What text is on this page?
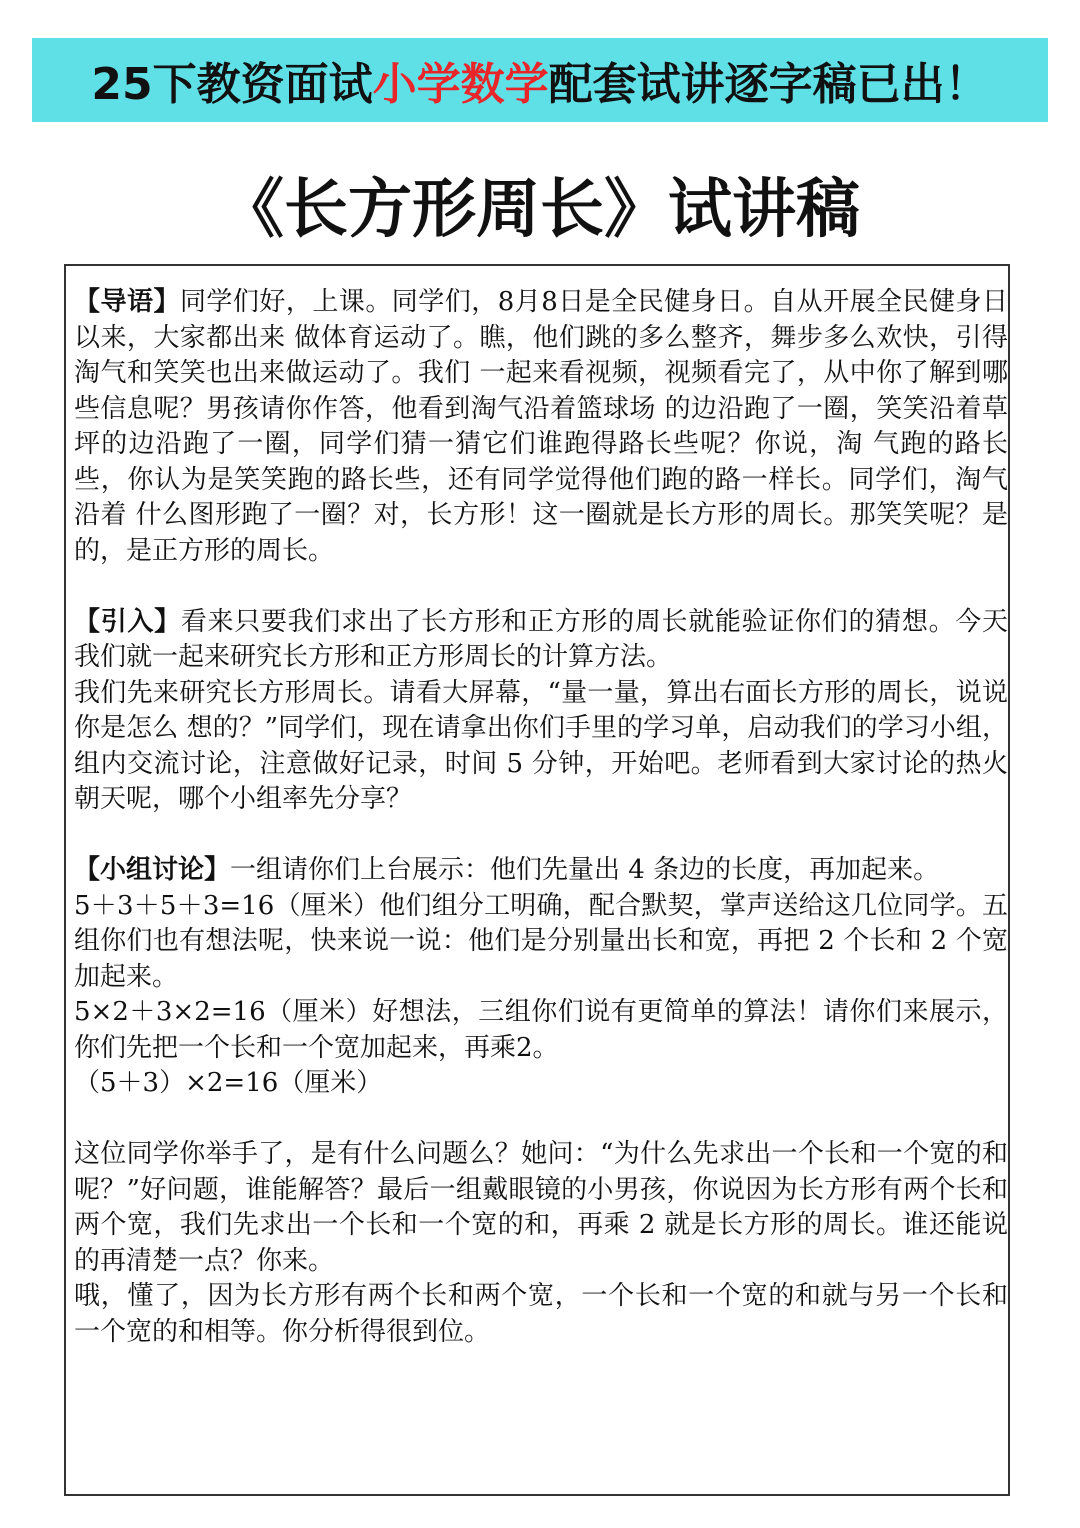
25下教资面试 小学数学 配套试讲逐字稿已出！
《长方形周长》试讲稿

【导语】同学们好，上课。同学们，8月8日是全民健身日。自从开展全民健身日以来，大家都出来 做体育运动了。瞧，他们跳的多么整齐，舞步多么欢快，引得淘气和笑笑也出来做运动了。我们 一起来看视频，视频看完了，从中你了解到哪些信息呢？男孩请你作答，他看到淘气沿着篮球场 的边沿跑了一圈，笑笑沿着草坪的边沿跑了一圈，同学们猜一猜它们谁跑得路长些呢？你说，淘 气跑的路长些，你认为是笑笑跑的路长些，还有同学觉得他们跑的路一样长。同学们，淘气沿着 什么图形跑了一圈？对，长方形！这一圈就是长方形的周长。那笑笑呢？是的，是正方形的周长。

【引入】看来只要我们求出了长方形和正方形的周长就能验证你们的猜想。今天我们就一起来研究长方形和正方形周长的计算方法。

我们先来研究长方形周长。请看大屏幕，“量一量，算出右面长方形的周长，说说你是怎么 想的？”同学们，现在请拿出你们手里的学习单，启动我们的学习小组，组内交流讨论，注意做好记录，时间 5 分钟，开始吧。老师看到大家讨论的热火朝天呢，哪个小组率先分享？

【小组讨论】一组请你们上台展示：他们先量出 4 条边的长度，再加起来。

5＋3＋5＋3=16（厘米）他们组分工明确，配合默契，掌声送给这几位同学。五组你们也有想法呢，快来说一说：他们是分别量出长和宽，再把 2 个长和 2 个宽加起来。

5×2＋3×2=16（厘米）好想法，三组你们说有更简单的算法！请你们来展示，你们先把一个长和一个宽加起来，再乘2。

（5＋3）×2=16（厘米）

这位同学你举手了，是有什么问题么？她问：“为什么先求出一个长和一个宽的和呢？”好问题，谁能解答？最后一组戴眼镜的小男孩，你说因为长方形有两个长和两个宽，我们先求出一个长和一个宽的和，再乘 2 就是长方形的周长。谁还能说的再清楚一点？你来。

哦，懂了，因为长方形有两个长和两个宽，一个长和一个宽的和就与另一个长和一个宽的和相等。你分析得很到位。
